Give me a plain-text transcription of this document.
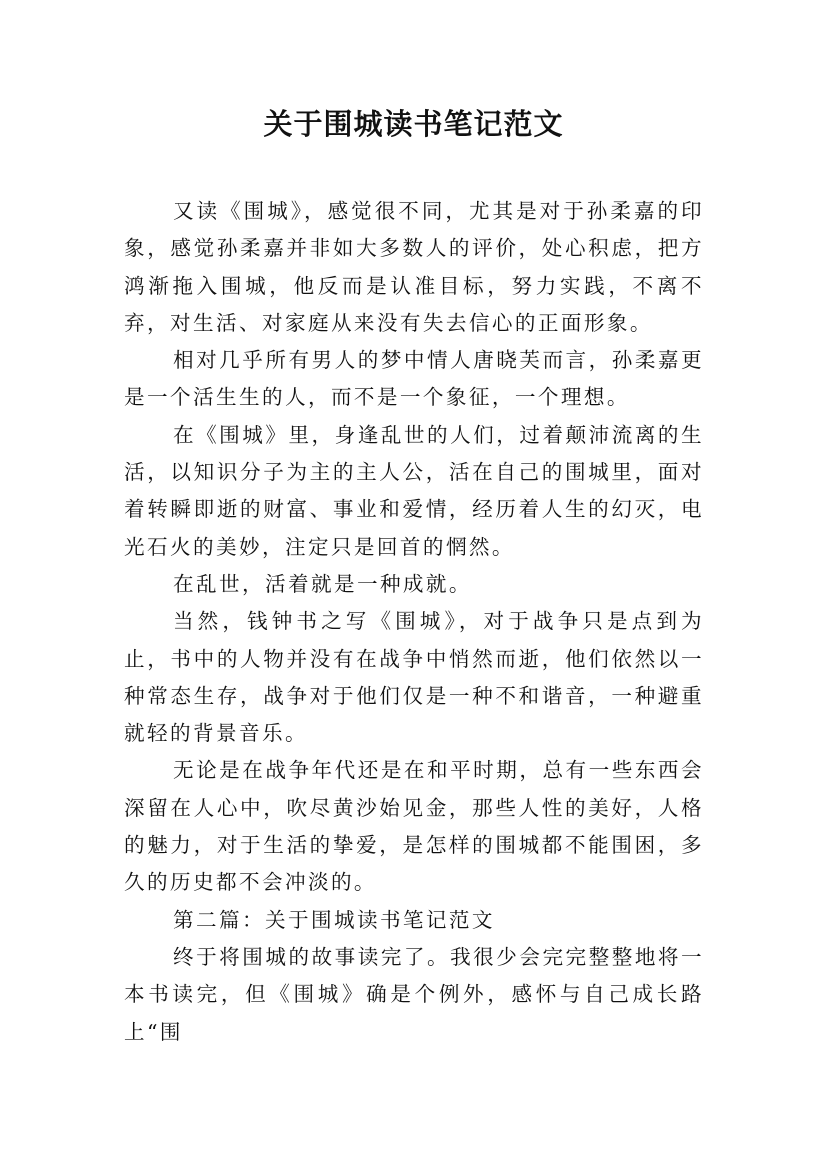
关于围城读书笔记范文

又读《围城》，感觉很不同，尤其是对于孙柔嘉的印象，感觉孙柔嘉并非如大多数人的评价，处心积虑，把方鸿渐拖入围城，他反而是认准目标，努力实践，不离不弃，对生活、对家庭从来没有失去信心的正面形象。

相对几乎所有男人的梦中情人唐晓芙而言，孙柔嘉更是一个活生生的人，而不是一个象征，一个理想。

在《围城》里，身逢乱世的人们，过着颠沛流离的生活，以知识分子为主的主人公，活在自己的围城里，面对着转瞬即逝的财富、事业和爱情，经历着人生的幻灭，电光石火的美妙，注定只是回首的惘然。

在乱世，活着就是一种成就。

当然，钱钟书之写《围城》，对于战争只是点到为止，书中的人物并没有在战争中悄然而逝，他们依然以一种常态生存，战争对于他们仅是一种不和谐音，一种避重就轻的背景音乐。

无论是在战争年代还是在和平时期，总有一些东西会深留在人心中，吹尽黄沙始见金，那些人性的美好，人格的魅力，对于生活的挚爱，是怎样的围城都不能围困，多久的历史都不会冲淡的。

第二篇：关于围城读书笔记范文

终于将围城的故事读完了。我很少会完完整整地将一本书读完，但《围城》确是个例外，感怀与自己成长路上“围
